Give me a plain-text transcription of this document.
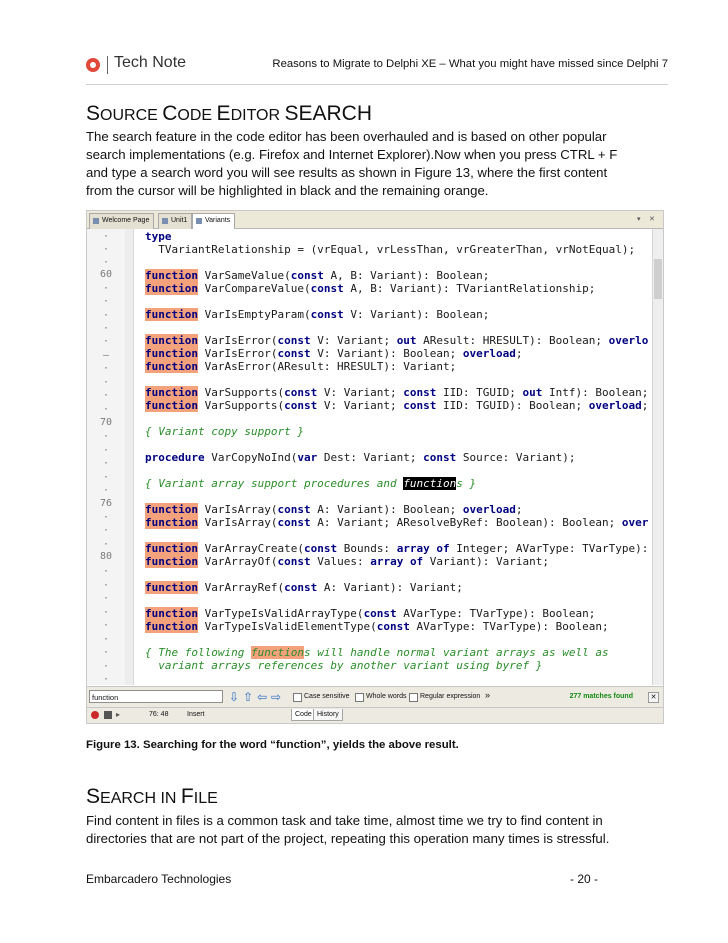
Tech Note	Reasons to Migrate to Delphi XE – What you might have missed since Delphi 7
SOURCE CODE EDITOR SEARCH
The search feature in the code editor has been overhauled and is based on other popular
search implementations (e.g. Firefox and Internet Explorer).Now when you press CTRL + F
and type a search word you will see results as shown in Figure 13, where the first content
from the cursor will be highlighted in black and the remaining orange.
Welcome Page	Unit1	Variants	▾ ✕
·
·
·
60
·
·
·
·
·
–
·
·
·
·
70
·
·
·
·
·
76
·
·
·
80
·
·
·
·
·
·
·
·
·
type
TVariantRelationship = (vrEqual, vrLessThan, vrGreaterThan, vrNotEqual);

function VarSameValue(const A, B: Variant): Boolean;
function VarCompareValue(const A, B: Variant): TVariantRelationship;

function VarIsEmptyParam(const V: Variant): Boolean;

function VarIsError(const V: Variant; out AResult: HRESULT): Boolean; overlo
function VarIsError(const V: Variant): Boolean; overload;
function VarAsError(AResult: HRESULT): Variant;

function VarSupports(const V: Variant; const IID: TGUID; out Intf): Boolean;
function VarSupports(const V: Variant; const IID: TGUID): Boolean; overload;

{ Variant copy support }

procedure VarCopyNoInd(var Dest: Variant; const Source: Variant);

{ Variant array support procedures and functions }

function VarIsArray(const A: Variant): Boolean; overload;
function VarIsArray(const A: Variant; AResolveByRef: Boolean): Boolean; over

function VarArrayCreate(const Bounds: array of Integer; AVarType: TVarType):
function VarArrayOf(const Values: array of Variant): Variant;

function VarArrayRef(const A: Variant): Variant;

function VarTypeIsValidArrayType(const AVarType: TVarType): Boolean;
function VarTypeIsValidElementType(const AVarType: TVarType): Boolean;

{ The following functions will handle normal variant arrays as well as
variant arrays references by another variant using byref }
function	⇩ ⇧ ⇦ ⇨	Case sensitive	Whole words	Regular expression »	277 matches found	✕
▸	76: 48	Insert	Code History
Figure 13. Searching for the word “function”, yields the above result.
SEARCH IN FILE
Find content in files is a common task and take time, almost time we try to find content in
directories that are not part of the project, repeating this operation many times is stressful.
Embarcadero Technologies	- 20 -
